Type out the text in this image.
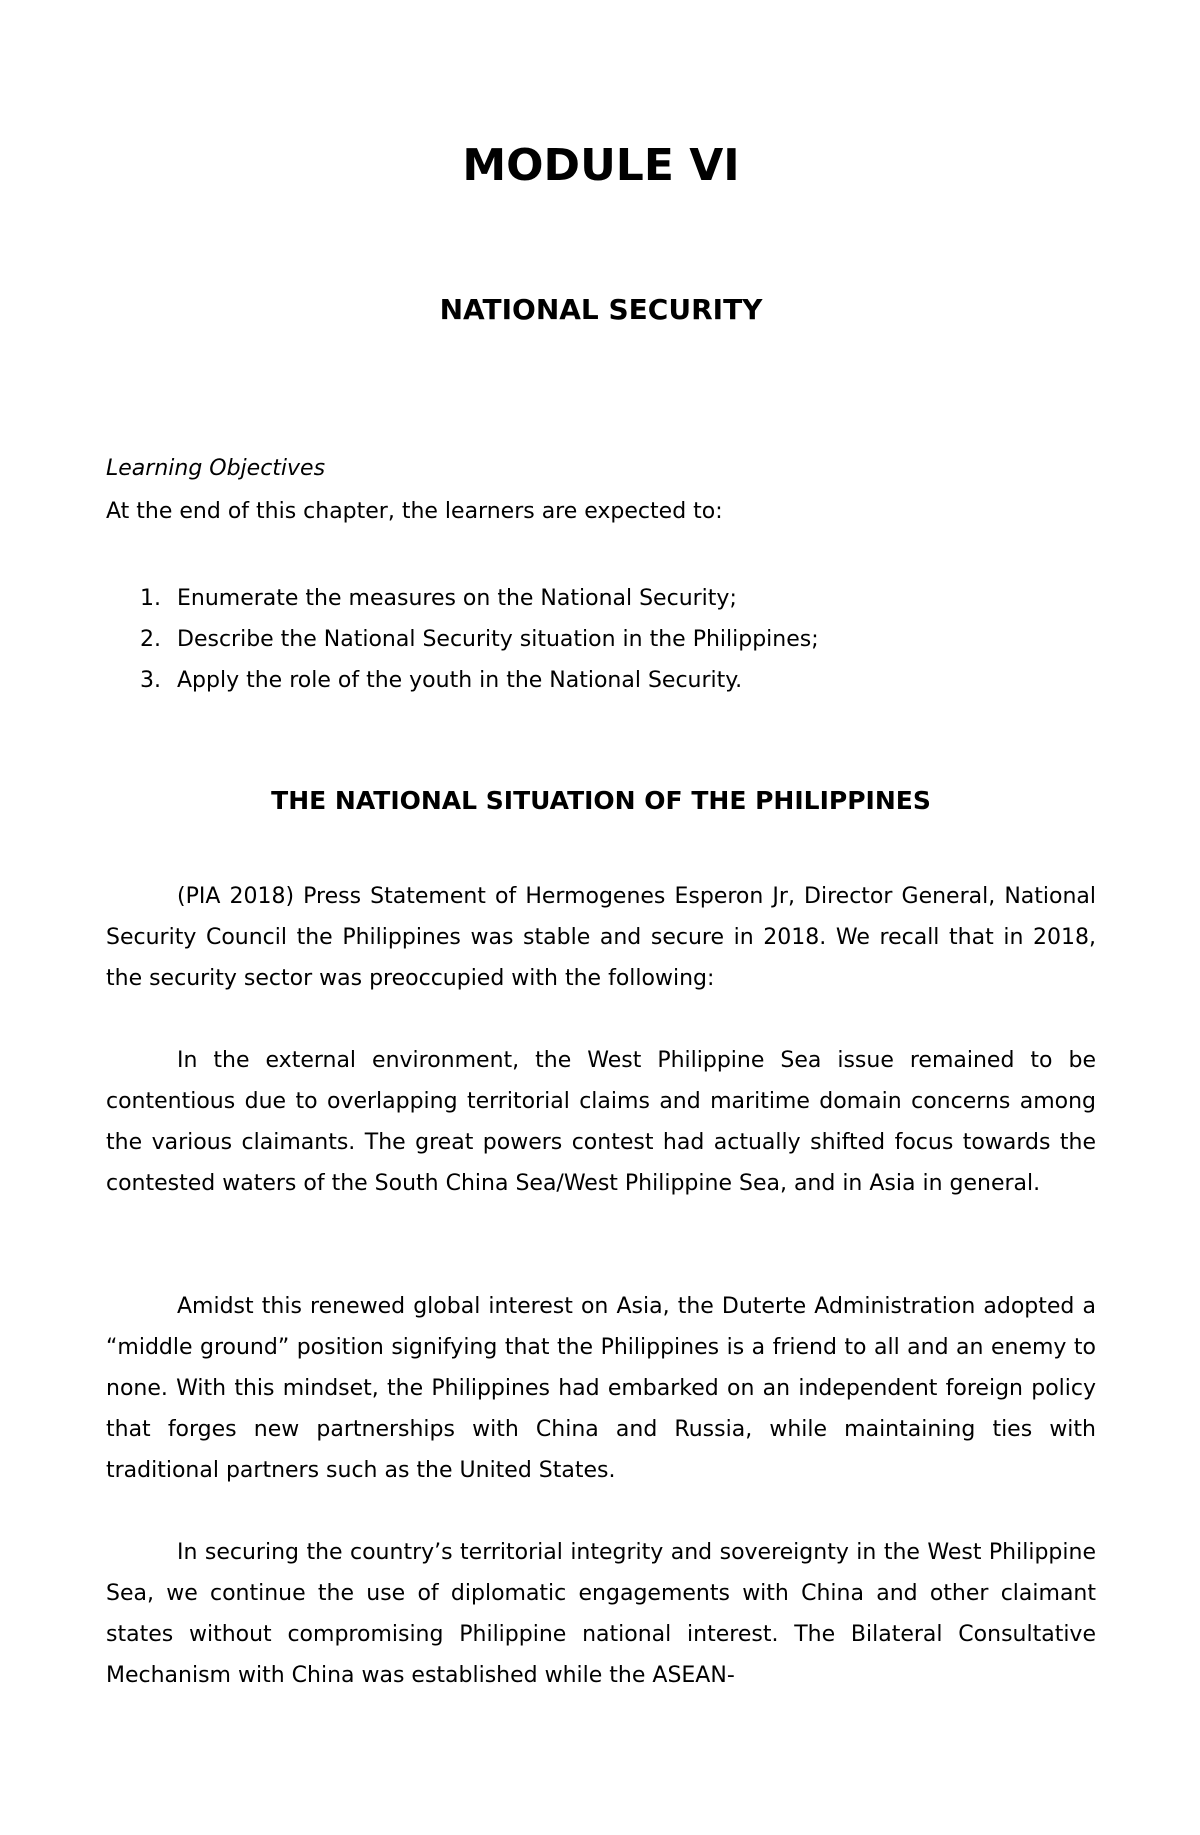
MODULE VI
NATIONAL SECURITY

Learning Objectives

At the end of this chapter, the learners are expected to:

1. Enumerate the measures on the National Security;
2. Describe the National Security situation in the Philippines;
3. Apply the role of the youth in the National Security.
THE NATIONAL SITUATION OF THE PHILIPPINES

(PIA 2018) Press Statement of Hermogenes Esperon Jr, Director General, National Security Council the Philippines was stable and secure in 2018. We recall that in 2018, the security sector was preoccupied with the following:

In the external environment, the West Philippine Sea issue remained to be contentious due to overlapping territorial claims and maritime domain concerns among the various claimants. The great powers contest had actually shifted focus towards the contested waters of the South China Sea/West Philippine Sea, and in Asia in general.

Amidst this renewed global interest on Asia, the Duterte Administration adopted a “middle ground” position signifying that the Philippines is a friend to all and an enemy to none. With this mindset, the Philippines had embarked on an independent foreign policy that forges new partnerships with China and Russia, while maintaining ties with traditional partners such as the United States.

In securing the country’s territorial integrity and sovereignty in the West Philippine Sea, we continue the use of diplomatic engagements with China and other claimant states without compromising Philippine national interest. The Bilateral Consultative Mechanism with China was established while the ASEAN-
